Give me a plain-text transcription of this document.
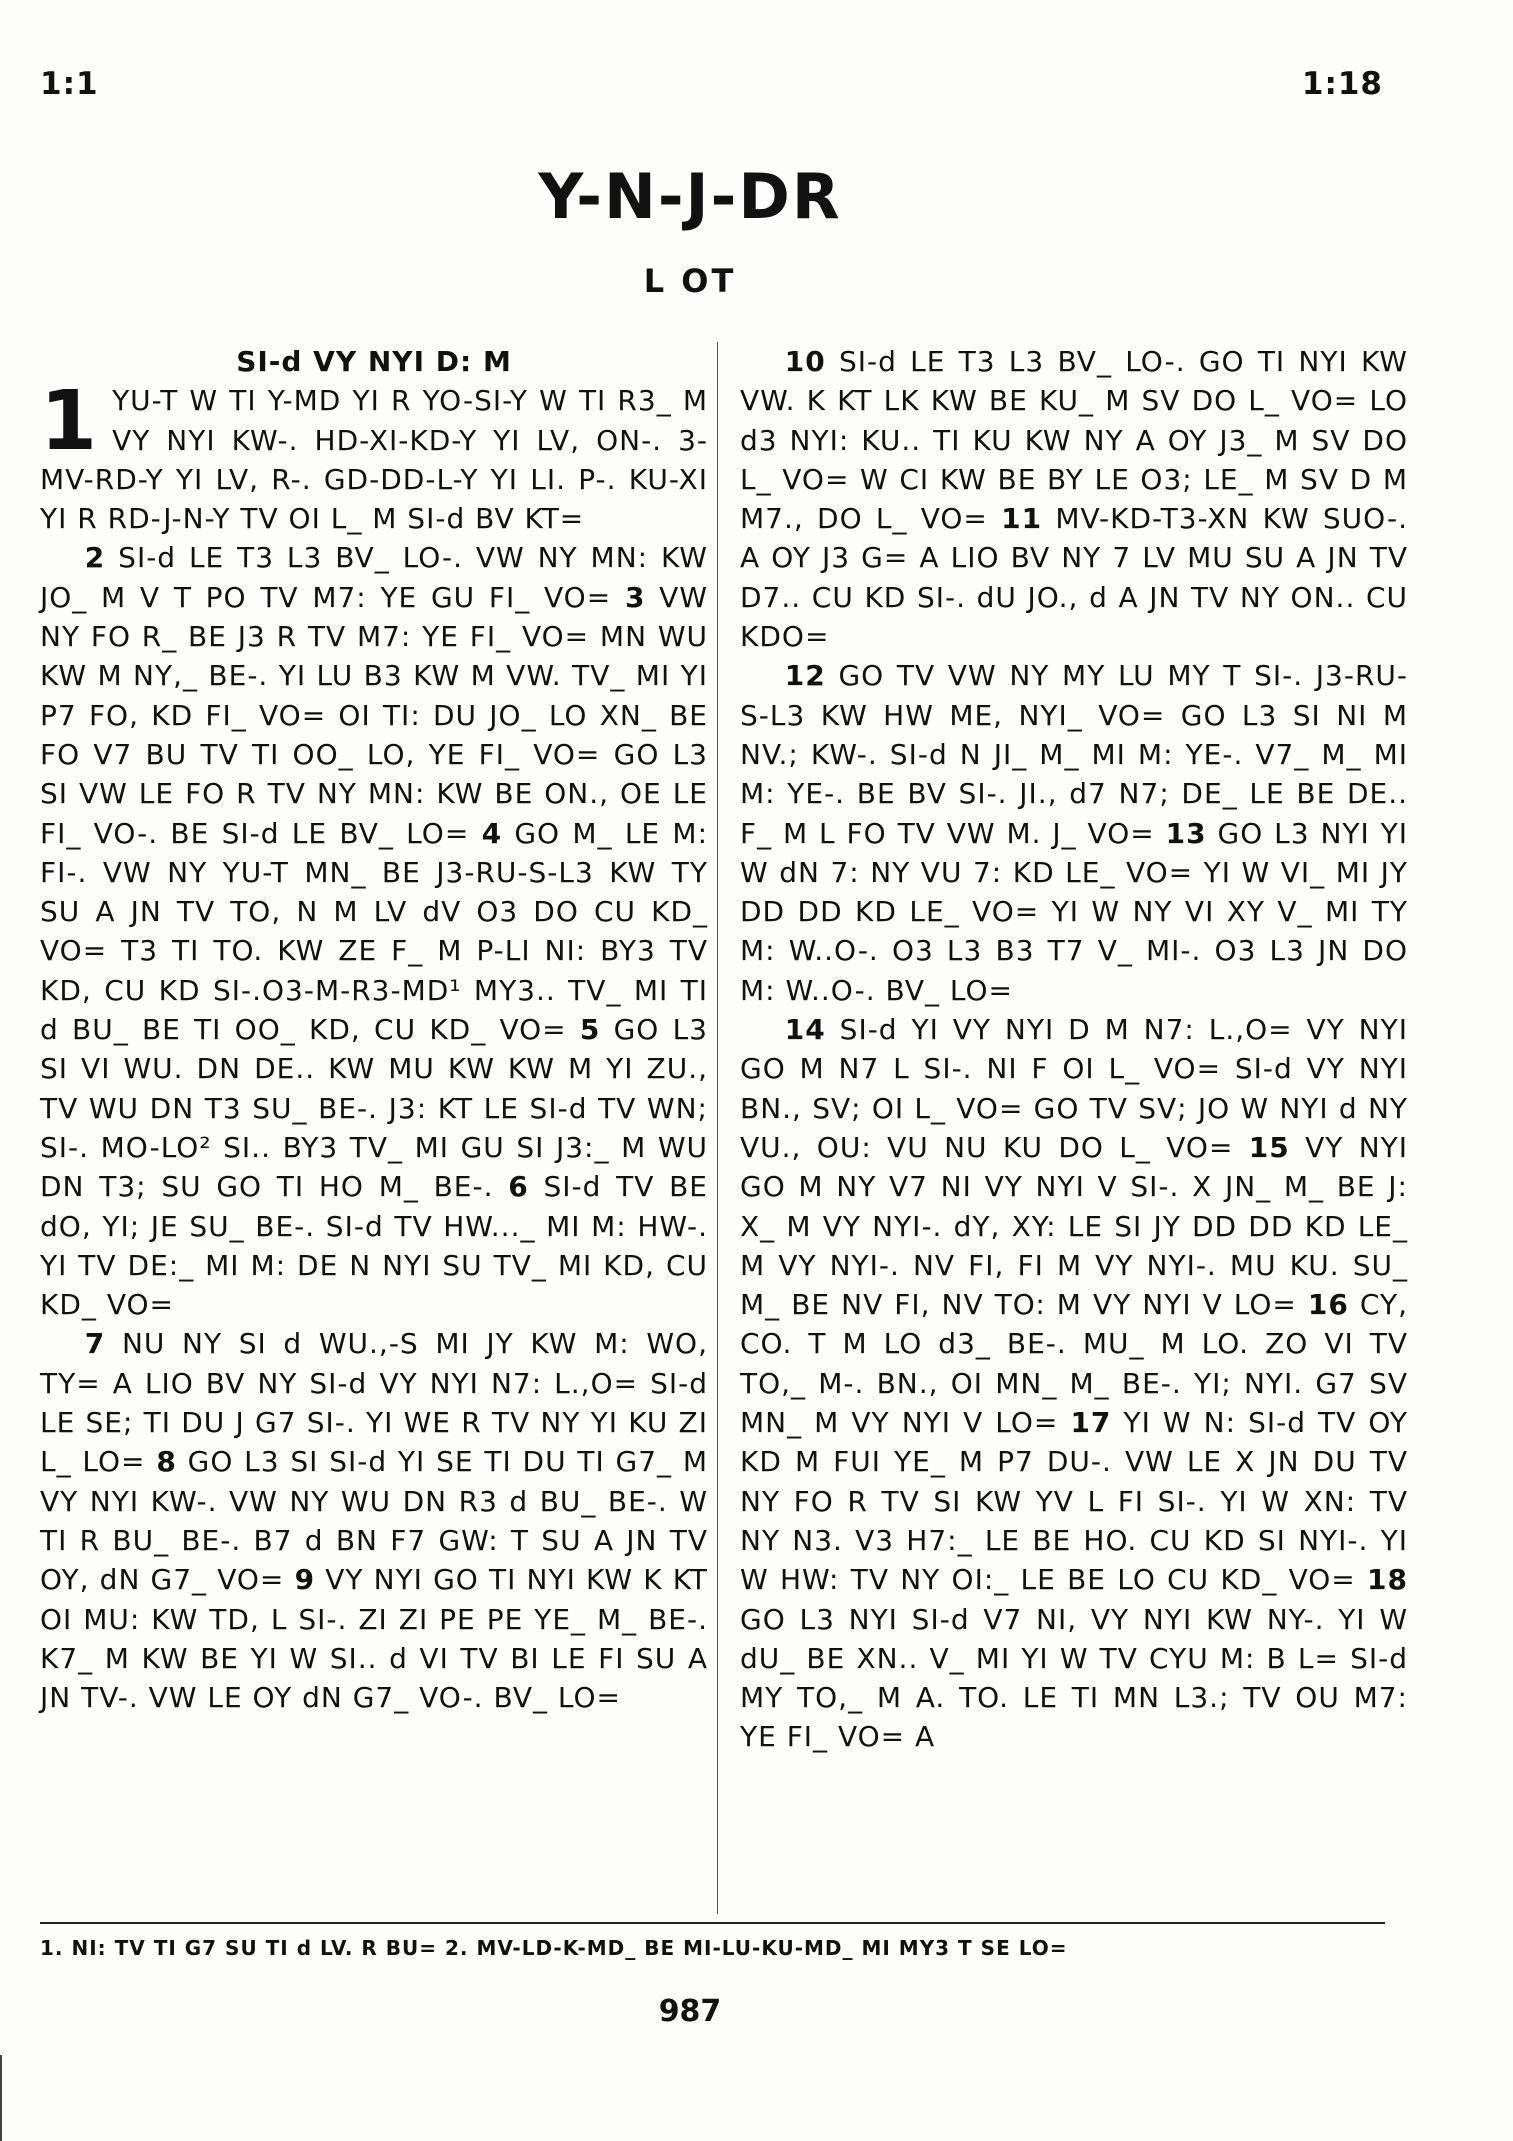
1:1	1:18
Y-N-J-DR
L OT
SI-d VY NYI D: M
1 YU-T W TI Y-MD YI R YO-SI-Y W TI R3_ M VY NYI KW-. HD-XI-KD-Y YI LV, ON-. 3-MV-RD-Y YI LV, R-. GD-DD-L-Y YI LI. P-. KU-XI YI R RD-J-N-Y TV OI L_ M SI-d BV KT=
2 SI-d LE T3 L3 BV_ LO-. VW NY MN: KW JO_ M V T PO TV M7: YE GU FI_ VO= 3 VW NY FO R_ BE J3 R TV M7: YE FI_ VO= MN WU KW M NY,_ BE-. YI LU B3 KW M VW. TV_ MI YI P7 FO, KD FI_ VO= OI TI: DU JO_ LO XN_ BE FO V7 BU TV TI OO_ LO, YE FI_ VO= GO L3 SI VW LE FO R TV NY MN: KW BE ON., OE LE FI_ VO-. BE SI-d LE BV_ LO= 4 GO M_ LE M: FI-. VW NY YU-T MN_ BE J3-RU-S-L3 KW TY SU A JN TV TO, N M LV dV O3 DO CU KD_ VO= T3 TI TO. KW ZE F_ M P-LI NI: BY3 TV KD, CU KD SI-.O3-M-R3-MD¹ MY3.. TV_ MI TI d BU_ BE TI OO_ KD, CU KD_ VO= 5 GO L3 SI VI WU. DN DE.. KW MU KW KW M YI ZU., TV WU DN T3 SU_ BE-. J3: KT LE SI-d TV WN; SI-. MO-LO² SI.. BY3 TV_ MI GU SI J3:_ M WU DN T3; SU GO TI HO M_ BE-. 6 SI-d TV BE dO, YI; JE SU_ BE-. SI-d TV HW..._ MI M: HW-. YI TV DE:_ MI M: DE N NYI SU TV_ MI KD, CU KD_ VO=
7 NU NY SI d WU.,-S MI JY KW M: WO, TY= A LIO BV NY SI-d VY NYI N7: L.,O= SI-d LE SE; TI DU J G7 SI-. YI WE R TV NY YI KU ZI L_ LO= 8 GO L3 SI SI-d YI SE TI DU TI G7_ M VY NYI KW-. VW NY WU DN R3 d BU_ BE-. W TI R BU_ BE-. B7 d BN F7 GW: T SU A JN TV OY, dN G7_ VO= 9 VY NYI GO TI NYI KW K KT OI MU: KW TD, L SI-. ZI ZI PE PE YE_ M_ BE-. K7_ M KW BE YI W SI.. d VI TV BI LE FI SU A JN TV-. VW LE OY dN G7_ VO-. BV_ LO=
10 SI-d LE T3 L3 BV_ LO-. GO TI NYI KW VW. K KT LK KW BE KU_ M SV DO L_ VO= LO d3 NYI: KU.. TI KU KW NY A OY J3_ M SV DO L_ VO= W CI KW BE BY LE O3; LE_ M SV D M M7., DO L_ VO= 11 MV-KD-T3-XN KW SUO-. A OY J3 G= A LIO BV NY 7 LV MU SU A JN TV D7.. CU KD SI-. dU JO., d A JN TV NY ON.. CU KDO=
12 GO TV VW NY MY LU MY T SI-. J3-RU-S-L3 KW HW ME, NYI_ VO= GO L3 SI NI M NV.; KW-. SI-d N JI_ M_ MI M: YE-. V7_ M_ MI M: YE-. BE BV SI-. JI., d7 N7; DE_ LE BE DE.. F_ M L FO TV VW M. J_ VO= 13 GO L3 NYI YI W dN 7: NY VU 7: KD LE_ VO= YI W VI_ MI JY DD DD KD LE_ VO= YI W NY VI XY V_ MI TY M: W..O-. O3 L3 B3 T7 V_ MI-. O3 L3 JN DO M: W..O-. BV_ LO=
14 SI-d YI VY NYI D M N7: L.,O= VY NYI GO M N7 L SI-. NI F OI L_ VO= SI-d VY NYI BN., SV; OI L_ VO= GO TV SV; JO W NYI d NY VU., OU: VU NU KU DO L_ VO= 15 VY NYI GO M NY V7 NI VY NYI V SI-. X JN_ M_ BE J: X_ M VY NYI-. dY, XY: LE SI JY DD DD KD LE_ M VY NYI-. NV FI, FI M VY NYI-. MU KU. SU_ M_ BE NV FI, NV TO: M VY NYI V LO= 16 CY, CO. T M LO d3_ BE-. MU_ M LO. ZO VI TV TO,_ M-. BN., OI MN_ M_ BE-. YI; NYI. G7 SV MN_ M VY NYI V LO= 17 YI W N: SI-d TV OY KD M FUI YE_ M P7 DU-. VW LE X JN DU TV NY FO R TV SI KW YV L FI SI-. YI W XN: TV NY N3. V3 H7:_ LE BE HO. CU KD SI NYI-. YI W HW: TV NY OI:_ LE BE LO CU KD_ VO= 18 GO L3 NYI SI-d V7 NI, VY NYI KW NY-. YI W dU_ BE XN.. V_ MI YI W TV CYU M: B L= SI-d MY TO,_ M A. TO. LE TI MN L3.; TV OU M7: YE FI_ VO= A
1. NI: TV TI G7 SU TI d LV. R BU= 2. MV-LD-K-MD_ BE MI-LU-KU-MD_ MI MY3 T SE LO=
987
